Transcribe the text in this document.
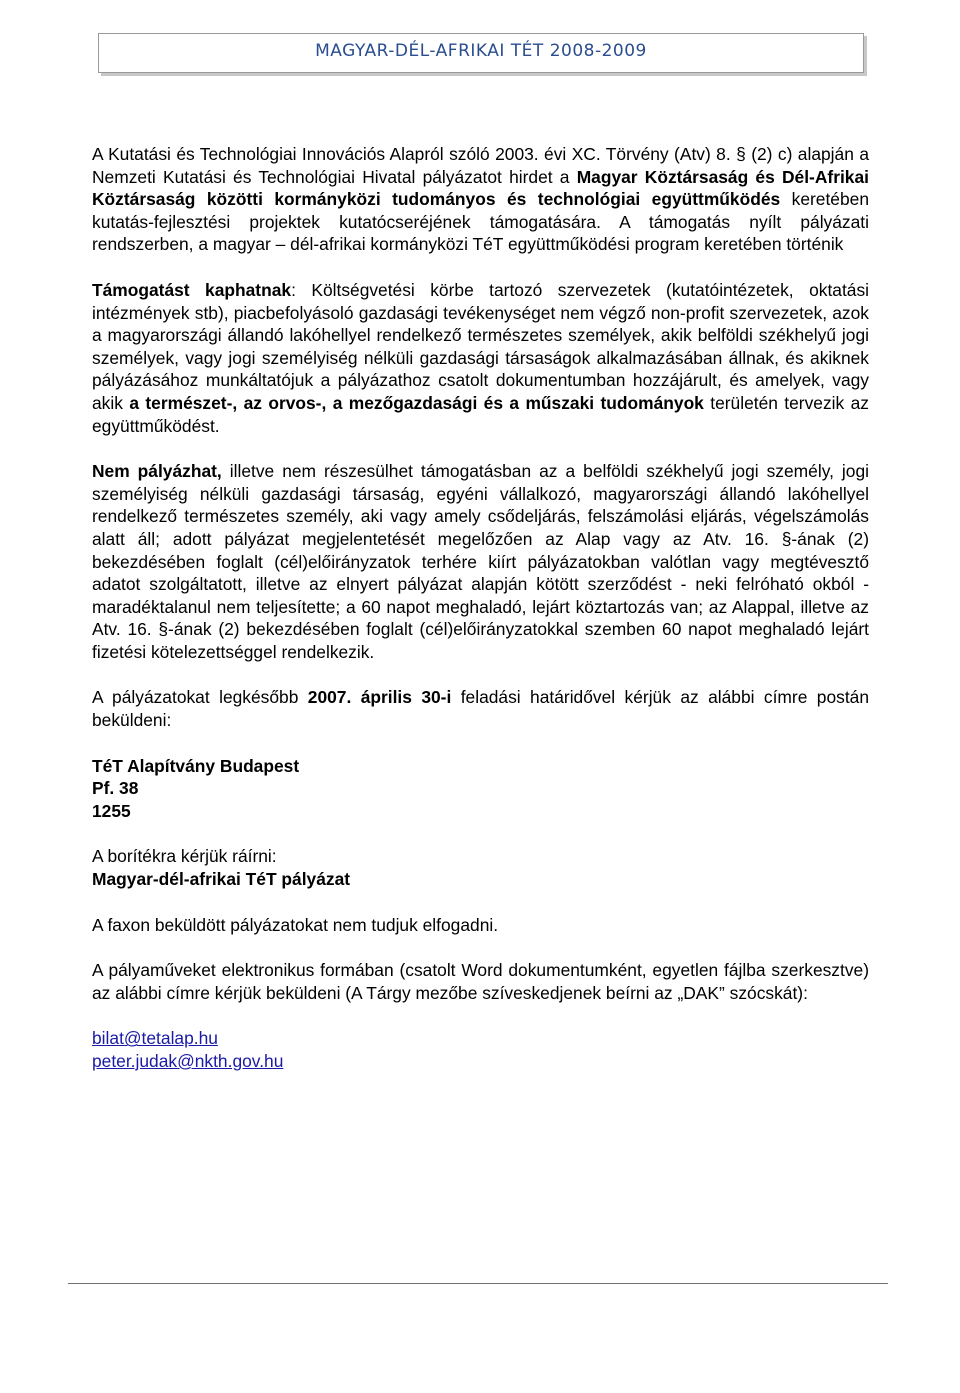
MAGYAR-DÉL-AFRIKAI TÉT 2008-2009

A Kutatási és Technológiai Innovációs Alapról szóló 2003. évi XC. Törvény (Atv) 8. § (2) c) alapján a Nemzeti Kutatási és Technológiai Hivatal pályázatot hirdet a Magyar Köztársaság és Dél-Afrikai Köztársaság közötti kormányközi tudományos és technológiai együttműködés keretében kutatás-fejlesztési projektek kutatócseréjének támogatására. A támogatás nyílt pályázati rendszerben, a magyar – dél-afrikai kormányközi TéT együttműködési program keretében történik

Támogatást kaphatnak: Költségvetési körbe tartozó szervezetek (kutatóintézetek, oktatási intézmények stb), piacbefolyásoló gazdasági tevékenységet nem végző non-profit szervezetek, azok a magyarországi állandó lakóhellyel rendelkező természetes személyek, akik belföldi székhelyű jogi személyek, vagy jogi személyiség nélküli gazdasági társaságok alkalmazásában állnak, és akiknek pályázásához munkáltatójuk a pályázathoz csatolt dokumentumban hozzájárult, és amelyek, vagy akik a természet-, az orvos-, a mezőgazdasági és a műszaki tudományok területén tervezik az együttműködést.

Nem pályázhat, illetve nem részesülhet támogatásban az a belföldi székhelyű jogi személy, jogi személyiség nélküli gazdasági társaság, egyéni vállalkozó, magyarországi állandó lakóhellyel rendelkező természetes személy, aki vagy amely csődeljárás, felszámolási eljárás, végelszámolás alatt áll; adott pályázat megjelentetését megelőzően az Alap vagy az Atv. 16. §-ának (2) bekezdésében foglalt (cél)előirányzatok terhére kiírt pályázatokban valótlan vagy megtévesztő adatot szolgáltatott, illetve az elnyert pályázat alapján kötött szerződést - neki felróható okból - maradéktalanul nem teljesítette; a 60 napot meghaladó, lejárt köztartozás van; az Alappal, illetve az Atv. 16. §-ának (2) bekezdésében foglalt (cél)előirányzatokkal szemben 60 napot meghaladó lejárt fizetési kötelezettséggel rendelkezik.

A pályázatokat legkésőbb 2007. április 30-i feladási határidővel kérjük az alábbi címre postán beküldeni:

TéT Alapítvány Budapest
Pf. 38
1255
A borítékra kérjük ráírni:
Magyar-dél-afrikai TéT pályázat

A faxon beküldött pályázatokat nem tudjuk elfogadni.

A pályaműveket elektronikus formában (csatolt Word dokumentumként, egyetlen fájlba szerkesztve) az alábbi címre kérjük beküldeni (A Tárgy mezőbe szíveskedjenek beírni az „DAK” szócskát):

bilat@tetalap.hu
peter.judak@nkth.gov.hu
